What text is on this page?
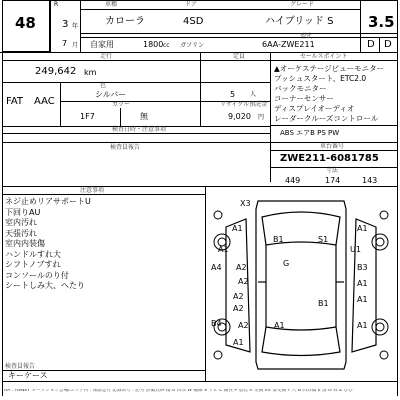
48
R
3 年
7 月
車種	ドア	グレード
カローラ	4SD	ハイブリッド S 3.5
D D
自家用	1800 cc ガソリン
型式
6AA-ZWE211
走行	セールスポイント
定員
249,642 km
色
シルバー	5 人
FAT AAC	カラー	リサイクル預託金
1F7	無	9,020 円
検査日時・注意事項
▲オーケステージビューモニター
プッシュスタート、ETC2.0
バックモニター
コーナーセンサー
ディスプレイオーディオ
レーダークルーズコントロール
ABS エアB PS PW
検査員報告	車台番号
ZWE211-6081785
寸法
449	174	143
注意事項
ネジ止めリアサポートU
下回りAU
室内汚れ
天張汚れ
室内内装傷
ハンドルすれ大
シフトノブすれ
コンソールのり付
シートしみ大、へたり
検査員報告
キーケース
X3
A1	A1
B1	S1
U1
A1
A4 A2	G
A2
B3
A1
A2
B1
A2
A1
B4 A2	A1	A1
A1
AA : ASNET オークション会場/エリア内 : 保証走行 記録あり : 記号 評価点/A 傷 U 凹み W 補修 S サビ C 腐食 P 塗装 X 交換 XX 要交換 Y 穴 B 凹み傷 E 鳥 G 石 Z ひび
